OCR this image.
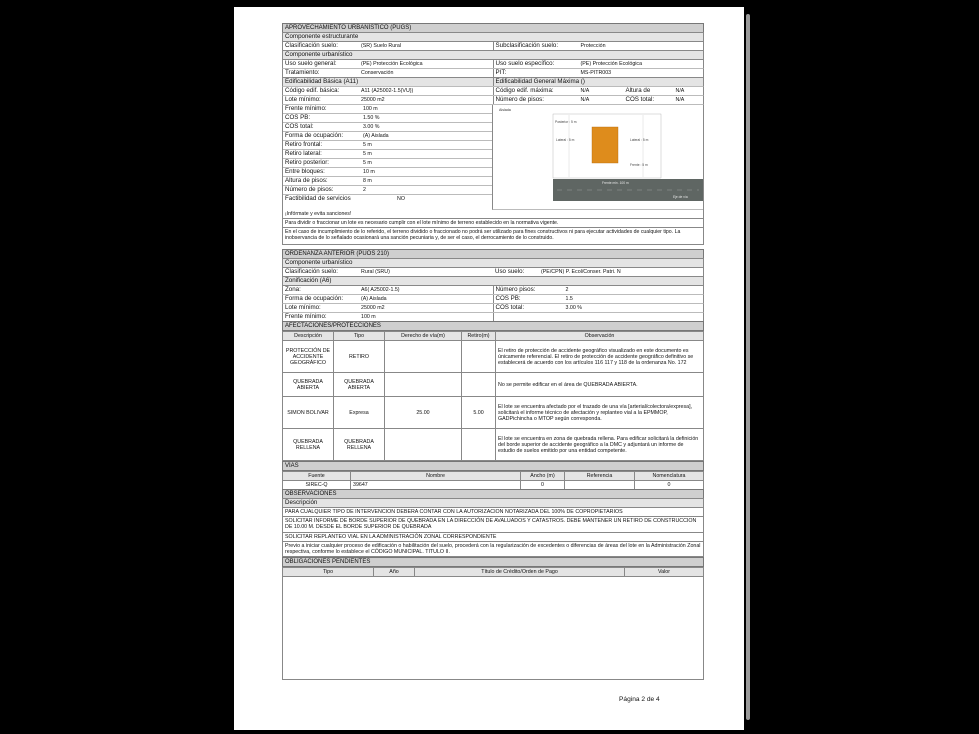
APROVECHAMIENTO URBANÍSTICO (PUGS)
Componente estructurante
Clasificación suelo:	(SR) Suelo Rural	Subclasificación suelo:	Protección
Componente urbanístico
Uso suelo general:	(PE) Protección Ecológica	Uso suelo específico:	(PE) Protección Ecológica
Tratamiento:	Conservación	PIT:	MS-PITR003
Edificabilidad Básica (A11)	Edificabilidad General Máxima ()
Código edif. básica:	A11 (A25002-1.5(VU))	Código edif. máxima:	N/A	Altura de	N/A
Lote mínimo:	25000 m2	Número de pisos:	N/A	COS total:	N/A
Frente mínimo:	100 m
COS PB:	1.50 %
COS total:	3.00 %
Forma de ocupación:	(A) Aislada
Retiro frontal:	5 m
Retiro lateral:	5 m
Retiro posterior:	5 m
Entre bloques:	10 m
Altura de pisos:	8 m
Número de pisos:	2
Factibilidad de servicios	NO
Aislada
Posterior : 5 m
Lateral : 5 m	Lateral : 5 m
Frente : 5 m
Frente min. 100 m
Eje de vía
¡Infórmate y evita sanciones!
Para dividir o fraccionar un lote es necesario cumplir con el lote mínimo de terreno establecido en la normativa vigente.
En el caso de incumplimiento de lo referido, el terreno dividido o fraccionado no podrá ser utilizado para fines constructivos ni para ejecutar actividades de cualquier tipo. La inobservancia de lo señalado ocasionará una sanción pecuniaria y, de ser el caso, el derrocamiento de lo construido.
ORDENANZA ANTERIOR (PUOS 210)
Componente urbanístico
Clasificación suelo:	Rural (SRU)	Uso suelo:	(PE/CPN) P. Ecol/Conser. Patri. N
Zonificación (A6)
Zona:	A6( A25002-1.5)	Número pisos:	2
Forma de ocupación:	(A) Aislada	COS PB:	1.5
Lote mínimo:	25000 m2	COS total:	3.00 %
Frente mínimo:	100 m
AFECTACIONES/PROTECCIONES
Descripción	Tipo	Derecho de vía(m)	Retiro(m)	Observación
PROTECCIÓN DE ACCIDENTE GEOGRÁFICO	RETIRO			El retiro de protección de accidente geográfico visualizado en este documento es únicamente referencial. El retiro de protección de accidente geográfico definitivo se establecerá de acuerdo con los artículos 116 117 y 118 de la ordenanza No. 172
QUEBRADA ABIERTA	QUEBRADA ABIERTA			No se permite edificar en el área de QUEBRADA ABIERTA.
SIMON BOLIVAR	Expresa	25.00	5.00	El lote se encuentra afectado por el trazado de una vía [arterial/colectora/expresa], solicitará el informe técnico de afectación y replanteo vial a la EPMMOP, GADPichincha o MTOP según corresponda.
QUEBRADA RELLENA	QUEBRADA RELLENA			El lote se encuentra en zona de quebrada rellena. Para edificar solicitará la definición del borde superior de accidente geográfico a la DMC y adjuntará un informe de estudio de suelos emitido por una entidad competente.
VÍAS
Fuente	Nombre	Ancho (m)	Referencia	Nomenclatura
SIREC-Q	39647	0		0
OBSERVACIONES
Descripción
PARA CUALQUIER TIPO DE INTERVENCION DEBERA CONTAR CON LA AUTORIZACION NOTARIZADA DEL 100% DE COPROPIETARIOS
SOLICITAR INFORME DE BORDE SUPERIOR DE QUEBRADA EN LA DIRECCIÓN DE AVALUADOS Y CATASTROS. DEBE MANTENER UN RETIRO DE CONSTRUCCION DE 10.00 M. DESDE EL BORDE SUPERIOR DE QUEBRADA
SOLICITAR REPLANTEO VIAL EN LA ADMINISTRACIÓN ZONAL CORRESPONDIENTE
Previo a iniciar cualquier proceso de edificación o habilitación del suelo, procederá con la regularización de excedentes o diferencias de áreas del lote en la Administración Zonal respectiva, conforme lo establece el CÓDIGO MUNICIPAL. TITULO II.
OBLIGACIONES PENDIENTES
Tipo	Año	Título de Crédito/Orden de Pago	Valor
Página 2 de 4
